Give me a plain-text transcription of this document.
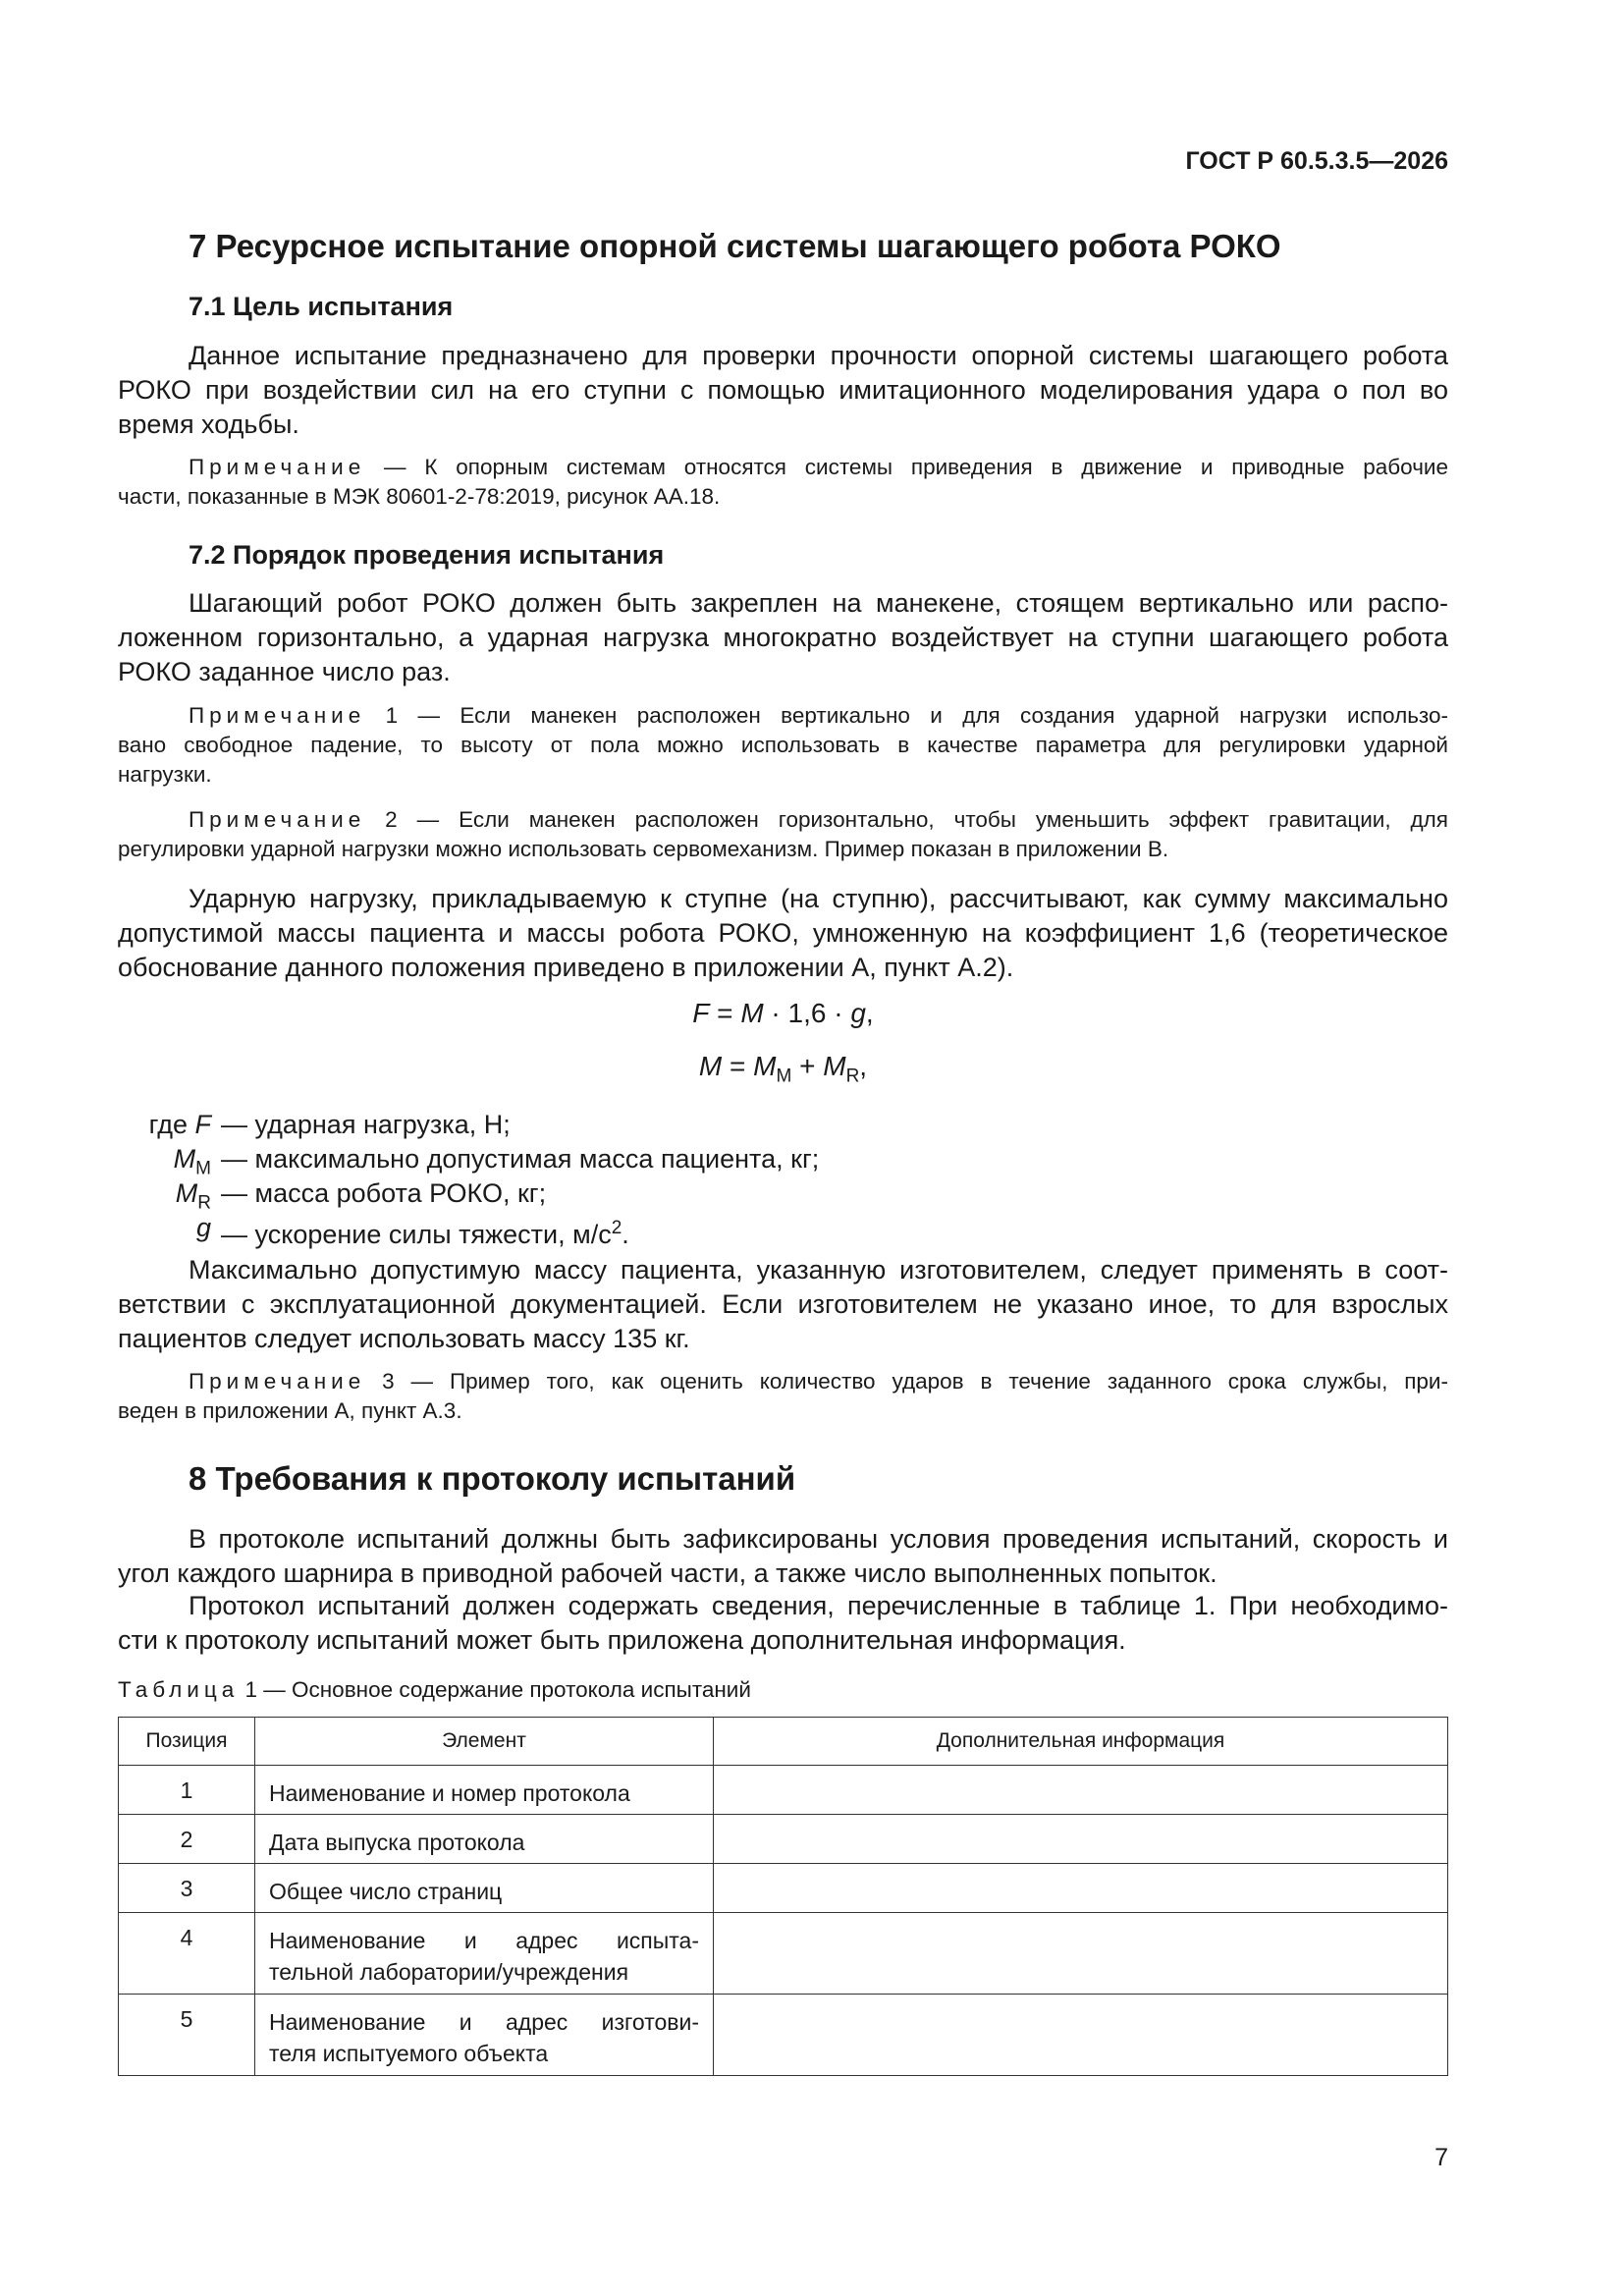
ГОСТ Р 60.5.3.5—2026
7 Ресурсное испытание опорной системы шагающего робота РОКО
7.1 Цель испытания
Данное испытание предназначено для проверки прочности опорной системы шагающего робота
РОКО при воздействии сил на его ступни с помощью имитационного моделирования удара о пол во
время ходьбы.
Примечание — К опорным системам относятся системы приведения в движение и приводные рабочие
части, показанные в МЭК 80601-2-78:2019, рисунок АА.18.
7.2 Порядок проведения испытания
Шагающий робот РОКО должен быть закреплен на манекене, стоящем вертикально или распо-
ложенном горизонтально, а ударная нагрузка многократно воздействует на ступни шагающего робота
РОКО заданное число раз.
Примечание 1 — Если манекен расположен вертикально и для создания ударной нагрузки использо-
вано свободное падение, то высоту от пола можно использовать в качестве параметра для регулировки ударной
нагрузки.
Примечание 2 — Если манекен расположен горизонтально, чтобы уменьшить эффект гравитации, для
регулировки ударной нагрузки можно использовать сервомеханизм. Пример показан в приложении В.
Ударную нагрузку, прикладываемую к ступне (на ступню), рассчитывают, как сумму максимально
допустимой массы пациента и массы робота РОКО, умноженную на коэффициент 1,6 (теоретическое
обоснование данного положения приведено в приложении А, пункт А.2).
F = M · 1,6 · g,
$M = M_M + M_R$,
где F — ударная нагрузка, Н;
$M_M$ — максимально допустимая масса пациента, кг;
$M_R$ — масса робота РОКО, кг;
g — ускорение силы тяжести, $м/с^2$.
Максимально допустимую массу пациента, указанную изготовителем, следует применять в соот-
ветствии с эксплуатационной документацией. Если изготовителем не указано иное, то для взрослых
пациентов следует использовать массу 135 кг.
Примечание 3 — Пример того, как оценить количество ударов в течение заданного срока службы, при-
веден в приложении А, пункт А.3.
8 Требования к протоколу испытаний
В протоколе испытаний должны быть зафиксированы условия проведения испытаний, скорость и
угол каждого шарнира в приводной рабочей части, а также число выполненных попыток.
Протокол испытаний должен содержать сведения, перечисленные в таблице 1. При необходимо-
сти к протоколу испытаний может быть приложена дополнительная информация.
Таблица 1 — Основное содержание протокола испытаний
Позиция	Элемент	Дополнительная информация
1	Наименование и номер протокола	

2	Дата выпуска протокола	

3	Общее число страниц	

4	Наименование и адрес испыта-
тельной лаборатории/учреждения	

5	Наименование и адрес изготови-
теля испытуемого объекта	

7
